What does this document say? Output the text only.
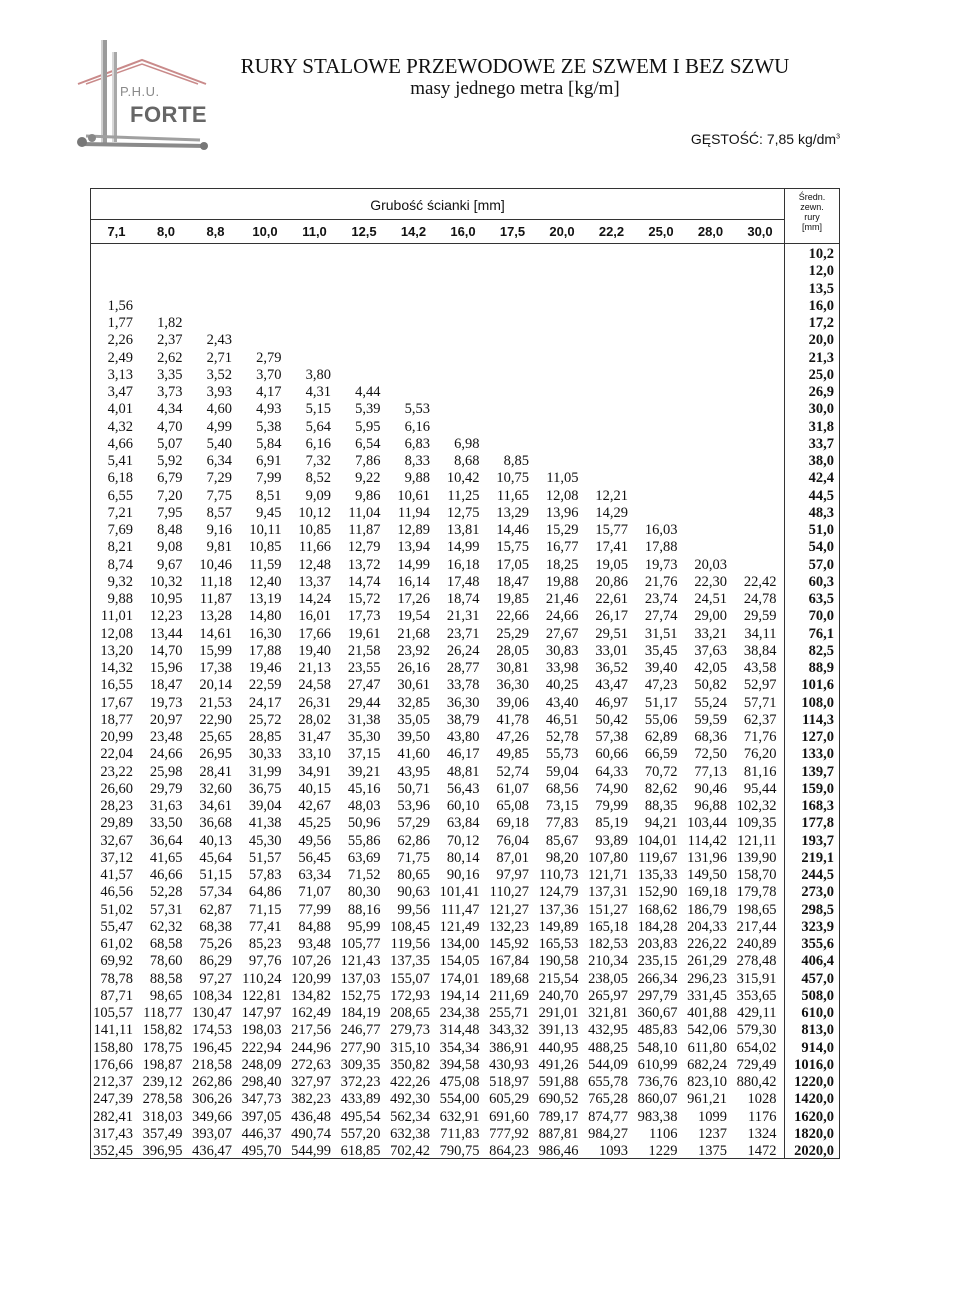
P.H.U.
FORTE
RURY STALOWE PRZEWODOWE ZE SZWEM I BEZ SZWU
masy jednego metra [kg/m]
GĘSTOŚĆ: 7,85 $kg/dm^3$
Grubość ścianki [mm]	Średn.
zewn.
rury
[mm]
7,1	8,0	8,8	10,0	11,0	12,5	14,2	16,0	17,5	20,0	22,2	25,0	28,0	30,0
10,2
12,0
13,5
1,56	16,0
1,77	1,82	17,2
2,26	2,37	2,43	20,0
2,49	2,62	2,71	2,79	21,3
3,13	3,35	3,52	3,70	3,80	25,0
3,47	3,73	3,93	4,17	4,31	4,44	26,9
4,01	4,34	4,60	4,93	5,15	5,39	5,53	30,0
4,32	4,70	4,99	5,38	5,64	5,95	6,16	31,8
4,66	5,07	5,40	5,84	6,16	6,54	6,83	6,98	33,7
5,41	5,92	6,34	6,91	7,32	7,86	8,33	8,68	8,85	38,0
6,18	6,79	7,29	7,99	8,52	9,22	9,88	10,42	10,75	11,05	42,4
6,55	7,20	7,75	8,51	9,09	9,86	10,61	11,25	11,65	12,08	12,21	44,5
7,21	7,95	8,57	9,45	10,12	11,04	11,94	12,75	13,29	13,96	14,29	48,3
7,69	8,48	9,16	10,11	10,85	11,87	12,89	13,81	14,46	15,29	15,77	16,03	51,0
8,21	9,08	9,81	10,85	11,66	12,79	13,94	14,99	15,75	16,77	17,41	17,88	54,0
8,74	9,67	10,46	11,59	12,48	13,72	14,99	16,18	17,05	18,25	19,05	19,73	20,03	57,0
9,32	10,32	11,18	12,40	13,37	14,74	16,14	17,48	18,47	19,88	20,86	21,76	22,30	22,42	60,3
9,88	10,95	11,87	13,19	14,24	15,72	17,26	18,74	19,85	21,46	22,61	23,74	24,51	24,78	63,5
11,01	12,23	13,28	14,80	16,01	17,73	19,54	21,31	22,66	24,66	26,17	27,74	29,00	29,59	70,0
12,08	13,44	14,61	16,30	17,66	19,61	21,68	23,71	25,29	27,67	29,51	31,51	33,21	34,11	76,1
13,20	14,70	15,99	17,88	19,40	21,58	23,92	26,24	28,05	30,83	33,01	35,45	37,63	38,84	82,5
14,32	15,96	17,38	19,46	21,13	23,55	26,16	28,77	30,81	33,98	36,52	39,40	42,05	43,58	88,9
16,55	18,47	20,14	22,59	24,58	27,47	30,61	33,78	36,30	40,25	43,47	47,23	50,82	52,97	101,6
17,67	19,73	21,53	24,17	26,31	29,44	32,85	36,30	39,06	43,40	46,97	51,17	55,24	57,71	108,0
18,77	20,97	22,90	25,72	28,02	31,38	35,05	38,79	41,78	46,51	50,42	55,06	59,59	62,37	114,3
20,99	23,48	25,65	28,85	31,47	35,30	39,50	43,80	47,26	52,78	57,38	62,89	68,36	71,76	127,0
22,04	24,66	26,95	30,33	33,10	37,15	41,60	46,17	49,85	55,73	60,66	66,59	72,50	76,20	133,0
23,22	25,98	28,41	31,99	34,91	39,21	43,95	48,81	52,74	59,04	64,33	70,72	77,13	81,16	139,7
26,60	29,79	32,60	36,75	40,15	45,16	50,71	56,43	61,07	68,56	74,90	82,62	90,46	95,44	159,0
28,23	31,63	34,61	39,04	42,67	48,03	53,96	60,10	65,08	73,15	79,99	88,35	96,88 102,32	168,3
29,89	33,50	36,68	41,38	45,25	50,96	57,29	63,84	69,18	77,83	85,19	94,21 103,44 109,35	177,8
32,67	36,64	40,13	45,30	49,56	55,86	62,86	70,12	76,04	85,67	93,89 104,01 114,42 121,11	193,7
37,12	41,65	45,64	51,57	56,45	63,69	71,75	80,14	87,01	98,20 107,80 119,67 131,96 139,90	219,1
41,57	46,66	51,15	57,83	63,34	71,52	80,65	90,16	97,97 110,73 121,71 135,33 149,50 158,70	244,5
46,56	52,28	57,34	64,86	71,07	80,30	90,63 101,41 110,27 124,79 137,31 152,90 169,18 179,78	273,0
51,02	57,31	62,87	71,15	77,99	88,16	99,56 111,47 121,27 137,36 151,27 168,62 186,79 198,65	298,5
55,47	62,32	68,38	77,41	84,88	95,99 108,45 121,49 132,23 149,89 165,18 184,28 204,33 217,44	323,9
61,02	68,58	75,26	85,23	93,48 105,77 119,56 134,00 145,92 165,53 182,53 203,83 226,22 240,89	355,6
69,92	78,60	86,29	97,76 107,26 121,43 137,35 154,05 167,84 190,58 210,34 235,15 261,29 278,48	406,4
78,78	88,58	97,27 110,24 120,99 137,03 155,07 174,01 189,68 215,54 238,05 266,34 296,23 315,91	457,0
87,71	98,65 108,34 122,81 134,82 152,75 172,93 194,14 211,69 240,70 265,97 297,79 331,45 353,65	508,0
105,57 118,77 130,47 147,97 162,49 184,19 208,65 234,38 255,71 291,01 321,81 360,67 401,88 429,11	610,0
141,11 158,82 174,53 198,03 217,56 246,77 279,73 314,48 343,32 391,13 432,95 485,83 542,06 579,30	813,0
158,80 178,75 196,45 222,94 244,96 277,90 315,10 354,34 386,91 440,95 488,25 548,10 611,80 654,02	914,0
176,66 198,87 218,58 248,09 272,63 309,35 350,82 394,58 430,93 491,26 544,09 610,99 682,24 729,49	1016,0
212,37 239,12 262,86 298,40 327,97 372,23 422,26 475,08 518,97 591,88 655,78 736,76 823,10 880,42	1220,0
247,39 278,58 306,26 347,73 382,23 433,89 492,30 554,00 605,29 690,52 765,28 860,07 961,21	1028	1420,0
282,41 318,03 349,66 397,05 436,48 495,54 562,34 632,91 691,60 789,17 874,77 983,38	1099	1176	1620,0
317,43 357,49 393,07 446,37 490,74 557,20 632,38 711,83 777,92 887,81 984,27	1106	1237	1324	1820,0
352,45 396,95 436,47 495,70 544,99 618,85 702,42 790,75 864,23 986,46	1093	1229	1375	1472	2020,0
